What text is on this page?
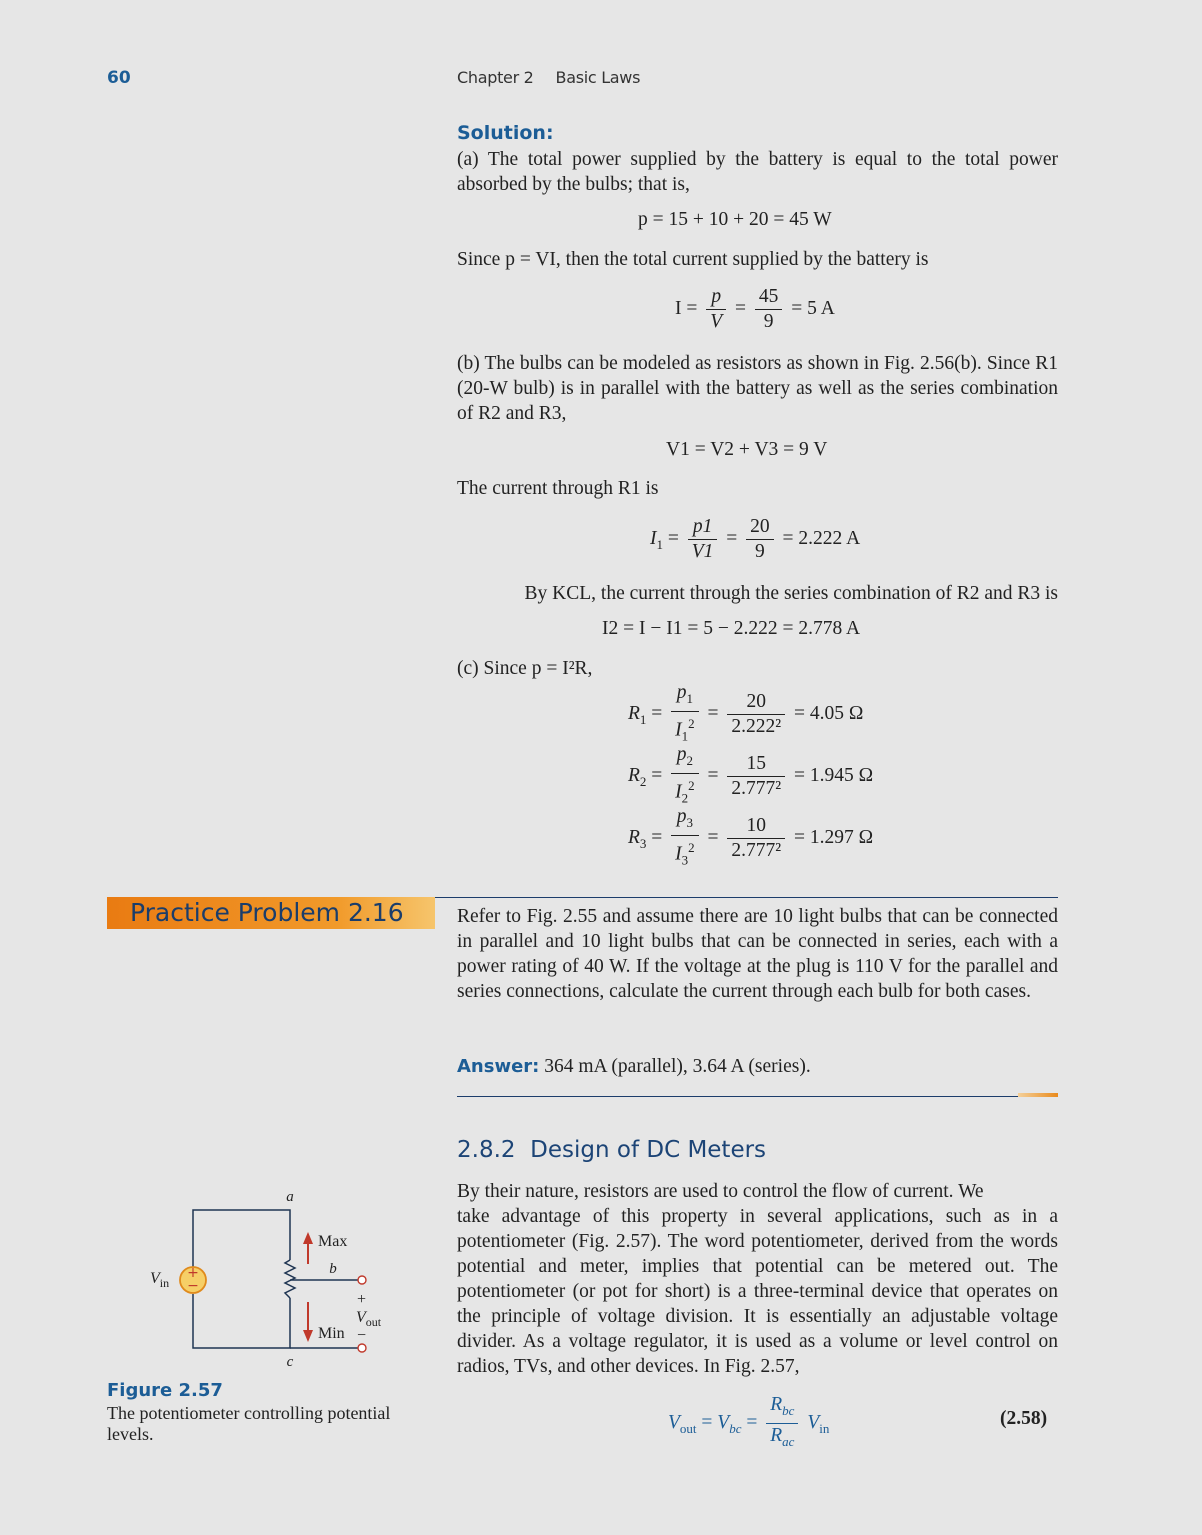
60	Chapter 2 Basic Laws
Solution:
(a) The total power supplied by the battery is equal to the total power absorbed by the bulbs; that is,
p = 15 + 10 + 20 = 45 W
Since p = VI, then the total current supplied by the battery is
$I = \frac{p}{V} = \frac{45}{9} = 5$ A
(b) The bulbs can be modeled as resistors as shown in Fig. 2.56(b). Since R1 (20-W bulb) is in parallel with the battery as well as the series combination of R2 and R3,
V1 = V2 + V3 = 9 V
The current through R1 is
$I_1 = \frac{p1}{V1} = \frac{20}{9} = 2.222$ A
By KCL, the current through the series combination of R2 and R3 is
I2 = I − I1 = 5 − 2.222 = 2.778 A
(c) Since p = I²R,
$R_1 = \frac{p_1}{I_1^2} = \frac{20}{\text{2.222²}} = 4.05$ Ω
$R_2 = \frac{p_2}{I_2^2} = \frac{15}{\text{2.777²}} = 1.945$ Ω
$R_3 = \frac{p_3}{I_3^2} = \frac{10}{\text{2.777²}} = 1.297$ Ω
Practice Problem 2.16	Refer to Fig. 2.55 and assume there are 10 light bulbs that can be connected in parallel and 10 light bulbs that can be connected in series, each with a power rating of 40 W. If the voltage at the plug is 110 V for the parallel and series connections, calculate the current through each bulb for both cases.
Answer: 364 mA (parallel), 3.64 A (series).
2.8.2 Design of DC Meters
By their nature, resistors are used to control the flow of current. We
take advantage of this property in several applications, such as in a potentiometer (Fig. 2.57). The word potentiometer, derived from the words potential and meter, implies that potential can be metered out. The potentiometer (or pot for short) is a three-terminal device that operates on the principle of voltage division. It is essentially an adjustable voltage divider. As a voltage regulator, it is used as a volume or level control on radios, TVs, and other devices. In Fig. 2.57,
$V_{out} = V_{bc} = \frac{R_{bc}}{R_{ac}} V_{in}$	(2.58)
+
−
a
b
c
Max
Min
$V_{in}$
+
−
$V_{out}$
Figure 2.57
The potentiometer controlling potential levels.
